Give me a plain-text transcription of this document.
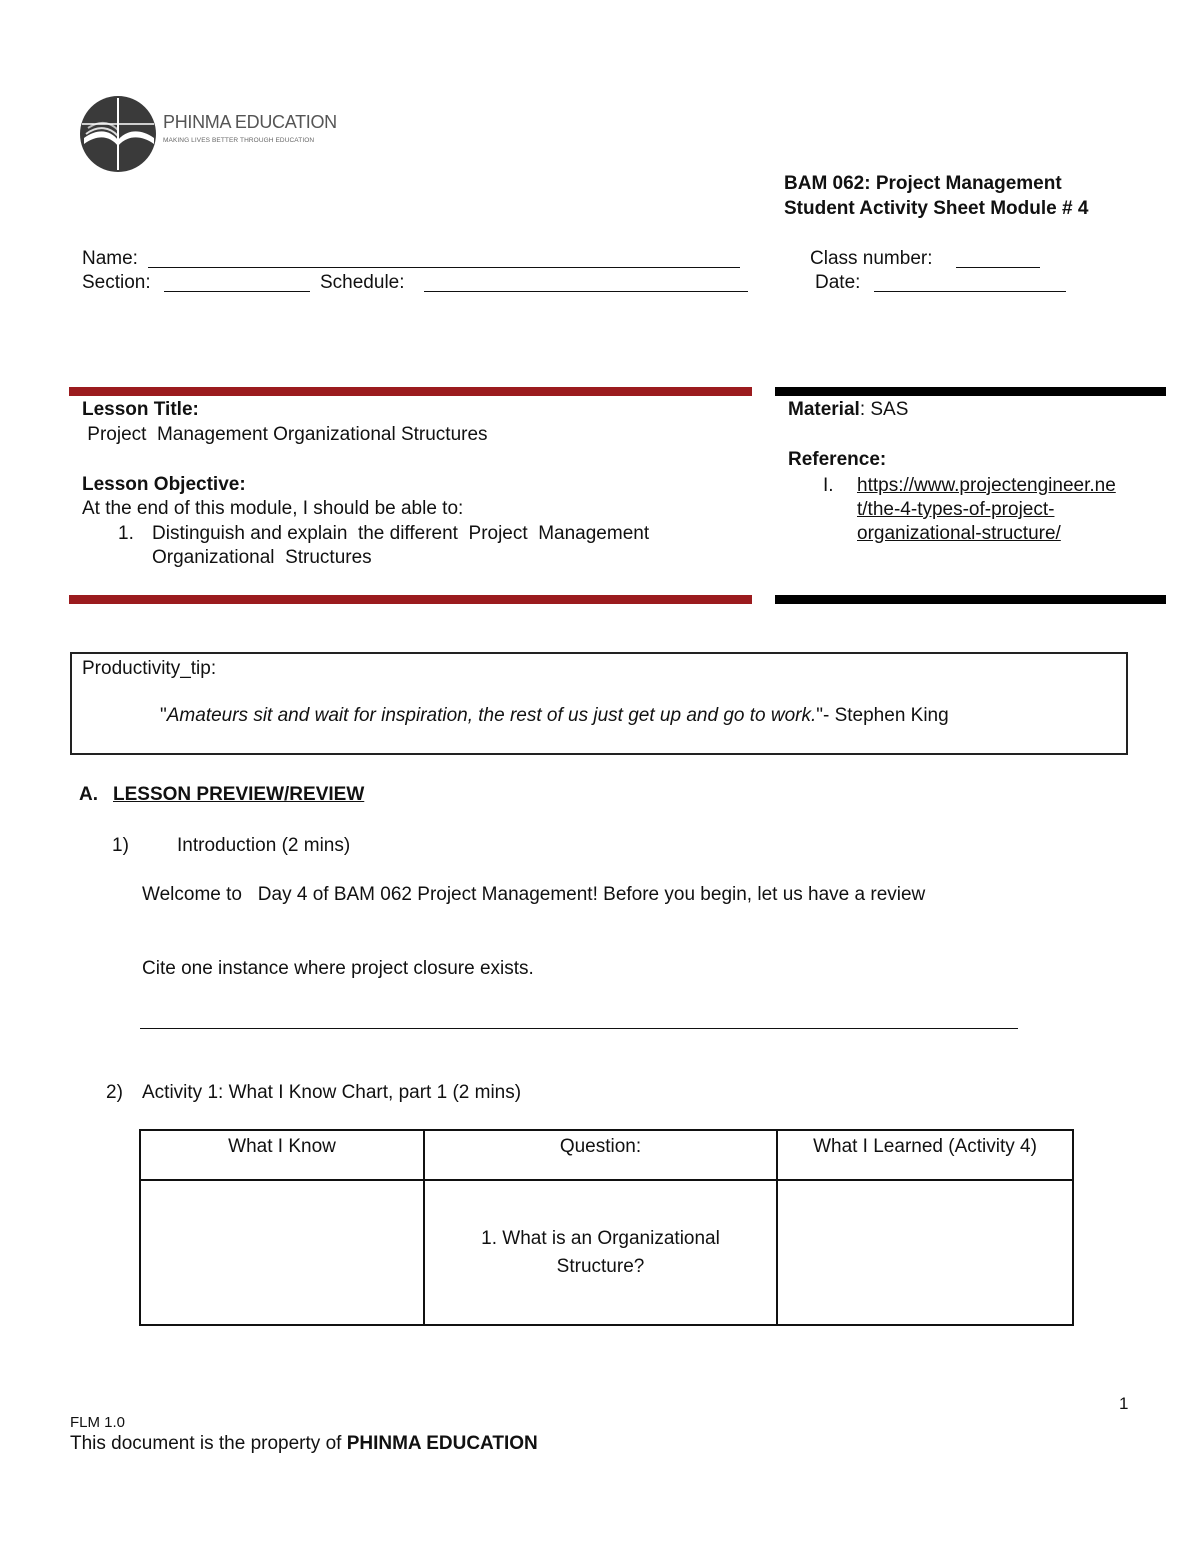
PHINMA EDUCATION
MAKING LIVES BETTER THROUGH EDUCATION
BAM 062: Project Management
Student Activity Sheet Module # 4
Name:	Class number:
Section:	Schedule:	Date:
Lesson Title:
Project  Management Organizational Structures
Lesson Objective:
At the end of this module, I should be able to:
1. Distinguish and explain  the different  Project  Management
Organizational  Structures
Material: SAS
Reference:
I. https://www.projectengineer.ne
t/the-4-types-of-project-
organizational-structure/
Productivity_tip:
"Amateurs sit and wait for inspiration, the rest of us just get up and go to work."- Stephen King
A. LESSON PREVIEW/REVIEW
1)	Introduction (2 mins)
Welcome to   Day 4 of BAM 062 Project Management! Before you begin, let us have a review
Cite one instance where project closure exists.
2) Activity 1: What I Know Chart, part 1 (2 mins)
What I Know	Question:	What I Learned (Activity 4)

	1. What is an Organizational
Structure?	

1
FLM 1.0
This document is the property of PHINMA EDUCATION
